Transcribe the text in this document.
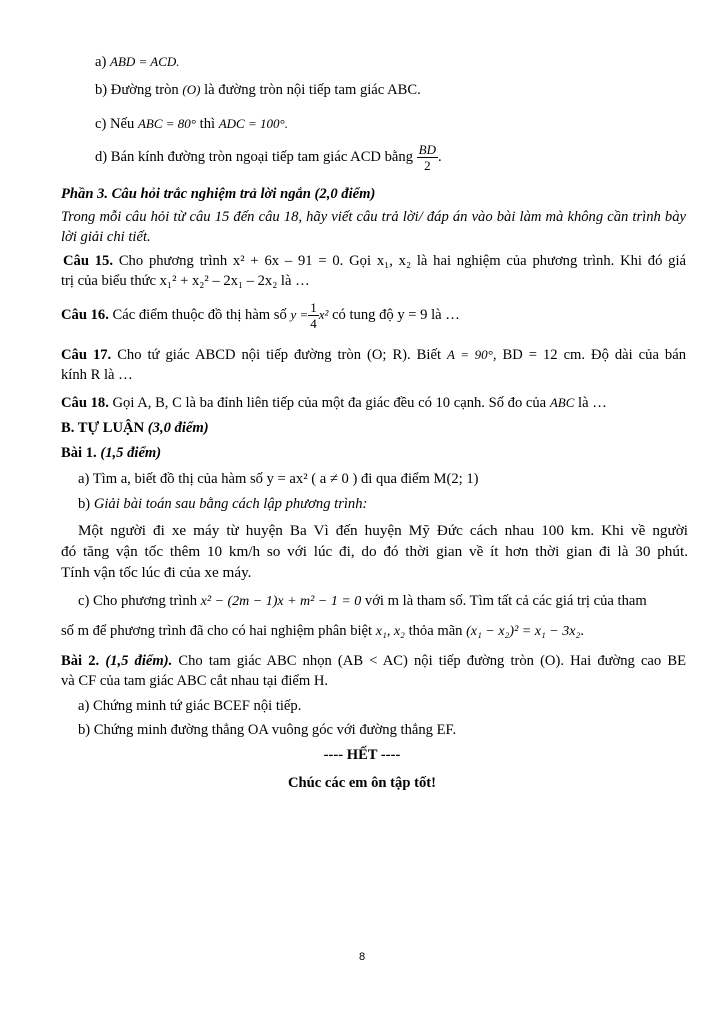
a) ABD = ACD.
b) Đường tròn (O) là đường tròn nội tiếp tam giác ABC.
c) Nếu ABC = 80° thì ADC = 100°.
d) Bán kính đường tròn ngoại tiếp tam giác ACD bằng $\frac{BD}{2}$ .
Phần 3. Câu hỏi trắc nghiệm trả lời ngắn (2,0 điểm)
Trong mỗi câu hỏi từ câu 15 đến câu 18, hãy viết câu trả lời/ đáp án vào bài làm mà không cần trình bày
lời giải chi tiết.
Câu 15. Cho phương trình x² + 6x – 91 = 0. Gọi x₁, x₂ là hai nghiệm của phương trình. Khi đó giá
trị của biểu thức x₁² + x₂² – 2x₁ – 2x₂ là …
Câu 16. Các điểm thuộc đồ thị hàm số $y = \frac{1}{4} x^2$ có tung độ y = 9 là …
Câu 17. Cho tứ giác ABCD nội tiếp đường tròn (O; R). Biết A = 90°, BD = 12 cm. Độ dài của bán
kính R là …
Câu 18. Gọi A, B, C là ba đỉnh liên tiếp của một đa giác đều có 10 cạnh. Số đo của ABC là …
B. TỰ LUẬN (3,0 điểm)
Bài 1. (1,5 điểm)
a) Tìm a, biết đồ thị của hàm số y = ax² ( a ≠ 0 ) đi qua điểm M(2; 1)
b) Giải bài toán sau bằng cách lập phương trình:
Một người đi xe máy từ huyện Ba Vì đến huyện Mỹ Đức cách nhau 100 km. Khi về người
đó tăng vận tốc thêm 10 km/h so với lúc đi, do đó thời gian về ít hơn thời gian đi là 30 phút.
Tính vận tốc lúc đi của xe máy.
c) Cho phương trình x² − (2m − 1)x + m² − 1 = 0 với m là tham số. Tìm tất cả các giá trị của tham
số m để phương trình đã cho có hai nghiệm phân biệt x₁, x₂ thỏa mãn (x₁ − x₂)² = x₁ − 3x₂.
Bài 2. (1,5 điểm). Cho tam giác ABC nhọn (AB < AC) nội tiếp đường tròn (O). Hai đường cao BE
và CF của tam giác ABC cắt nhau tại điểm H.
a) Chứng minh tứ giác BCEF nội tiếp.
b) Chứng minh đường thẳng OA vuông góc với đường thẳng EF.
---- HẾT ----
Chúc các em ôn tập tốt!
8
